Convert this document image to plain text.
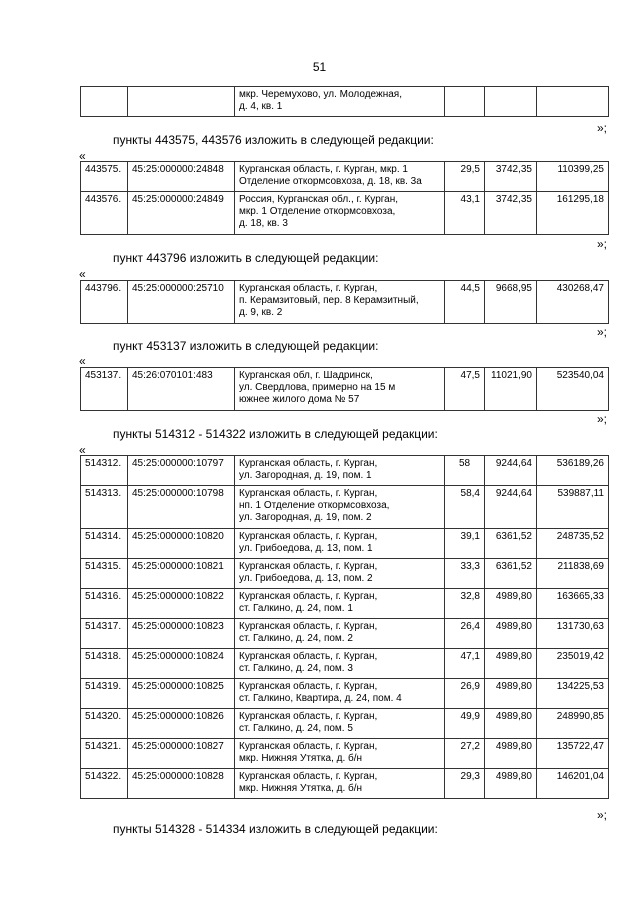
51
		мкр. Черемухово, ул. Молодежная,
д. 4, кв. 1			
»;
пункты 443575, 443576 изложить в следующей редакции:
«
443575.	45:25:000000:24848	Курганская область, г. Курган, мкр. 1
Отделение откормсовхоза, д. 18, кв. 3а	29,5	3742,35	110399,25
443576.	45:25:000000:24849	Россия, Курганская обл., г. Курган,
мкр. 1 Отделение откормсовхоза,
д. 18, кв. 3	43,1	3742,35	161295,18
»;
пункт 443796 изложить в следующей редакции:
«
443796.	45:25:000000:25710	Курганская область, г. Курган,
п. Керамзитовый, пер. 8 Керамзитный,
д. 9, кв. 2	44,5	9668,95	430268,47
»;
пункт 453137 изложить в следующей редакции:
«
453137.	45:26:070101:483	Курганская обл, г. Шадринск,
ул. Свердлова, примерно на 15 м
южнее жилого дома № 57	47,5	11021,90	523540,04
»;
пункты 514312 - 514322 изложить в следующей редакции:
«
514312.	45:25:000000:10797	Курганская область, г. Курган,
ул. Загородная, д. 19, пом. 1	58	9244,64	536189,26
514313.	45:25:000000:10798	Курганская область, г. Курган,
нп. 1 Отделение откормсовхоза,
ул. Загородная, д. 19, пом. 2	58,4	9244,64	539887,11
514314.	45:25:000000:10820	Курганская область, г. Курган,
ул. Грибоедова, д. 13, пом. 1	39,1	6361,52	248735,52
514315.	45:25:000000:10821	Курганская область, г. Курган,
ул. Грибоедова, д. 13, пом. 2	33,3	6361,52	211838,69
514316.	45:25:000000:10822	Курганская область, г. Курган,
ст. Галкино, д. 24, пом. 1	32,8	4989,80	163665,33
514317.	45:25:000000:10823	Курганская область, г. Курган,
ст. Галкино, д. 24, пом. 2	26,4	4989,80	131730,63
514318.	45:25:000000:10824	Курганская область, г. Курган,
ст. Галкино, д. 24, пом. 3	47,1	4989,80	235019,42
514319.	45:25:000000:10825	Курганская область, г. Курган,
ст. Галкино, Квартира, д. 24, пом. 4	26,9	4989,80	134225,53
514320.	45:25:000000:10826	Курганская область, г. Курган,
ст. Галкино, д. 24, пом. 5	49,9	4989,80	248990,85
514321.	45:25:000000:10827	Курганская область, г. Курган,
мкр. Нижняя Утятка, д. б/н	27,2	4989,80	135722,47
514322.	45:25:000000:10828	Курганская область, г. Курган,
мкр. Нижняя Утятка, д. б/н	29,3	4989,80	146201,04
»;
пункты 514328 - 514334 изложить в следующей редакции:
